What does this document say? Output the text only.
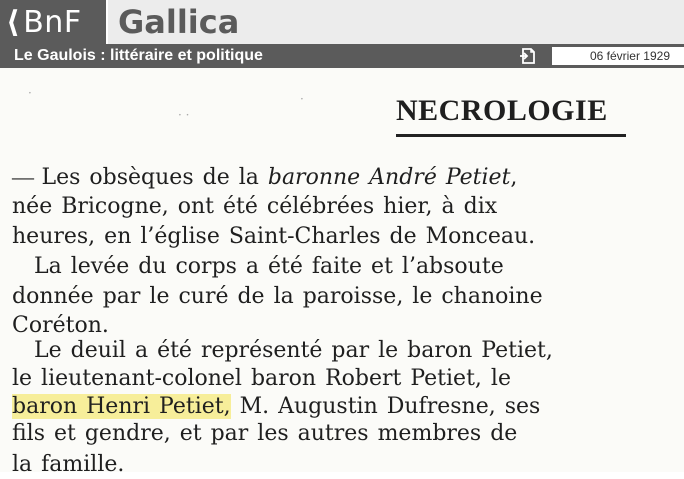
⟨ BnF Gallica
Le Gaulois : littéraire et politique	06 février 1929
·
· ·
·	NECROLOGIE
— Les obsèques de la baronne André Petiet,
née Bricogne, ont été célébrées hier, à dix
heures, en l’église Saint-Charles de Monceau.
 La levée du corps a été faite et l’absoute
donnée par le curé de la paroisse, le chanoine
Coréton.
 Le deuil a été représenté par le baron Petiet,
le lieutenant-colonel baron Robert Petiet, le
baron Henri Petiet, M. Augustin Dufresne, ses
fils et gendre, et par les autres membres de
la famille.
